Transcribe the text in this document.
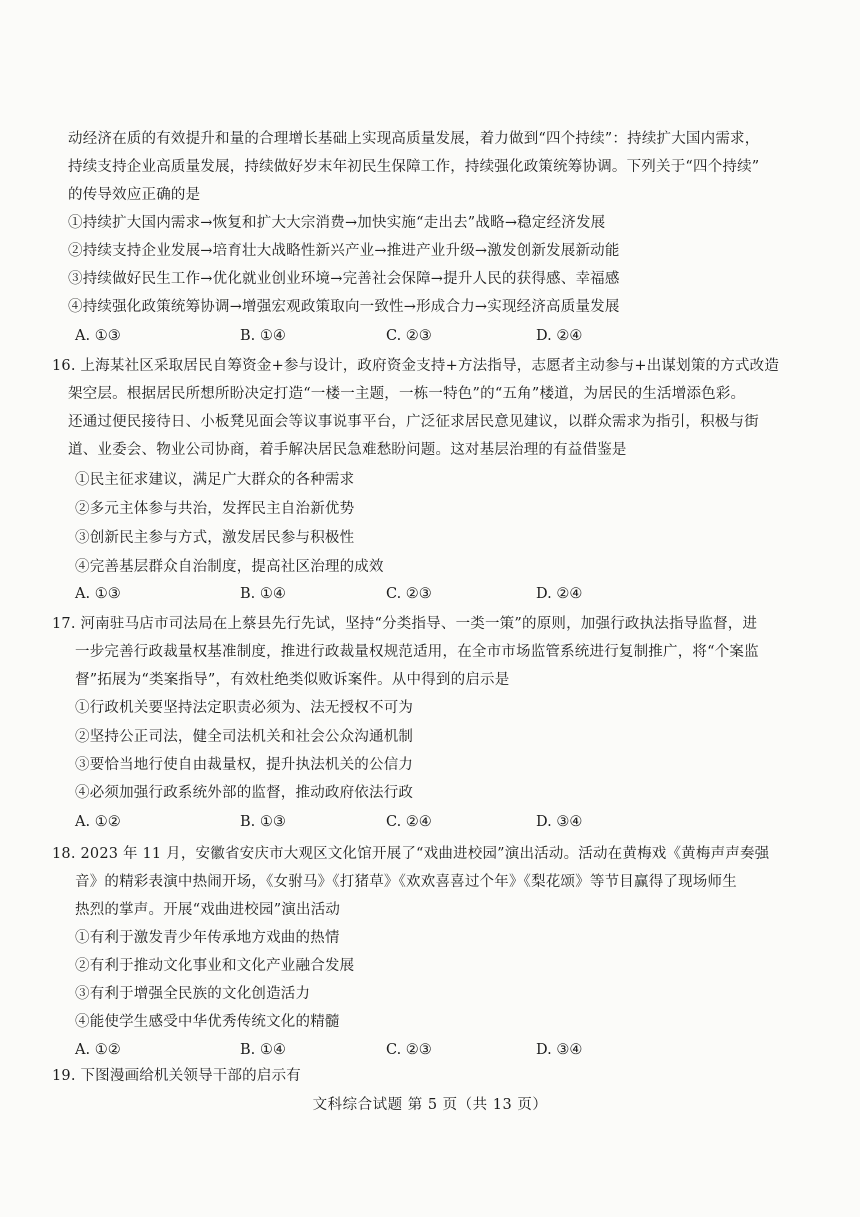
动经济在质的有效提升和量的合理增长基础上实现高质量发展，着力做到“四个持续”：持续扩大国内需求，
持续支持企业高质量发展，持续做好岁末年初民生保障工作，持续强化政策统筹协调。下列关于“四个持续”
的传导效应正确的是
①持续扩大国内需求→恢复和扩大大宗消费→加快实施“走出去”战略→稳定经济发展
②持续支持企业发展→培育壮大战略性新兴产业→推进产业升级→激发创新发展新动能
③持续做好民生工作→优化就业创业环境→完善社会保障→提升人民的获得感、幸福感
④持续强化政策统筹协调→增强宏观政策取向一致性→形成合力→实现经济高质量发展
A. ①③	B. ①④	C. ②③	D. ②④
16. 上海某社区采取居民自筹资金+参与设计，政府资金支持+方法指导，志愿者主动参与+出谋划策的方式改造
架空层。根据居民所想所盼决定打造“一楼一主题，一栋一特色”的“五角”楼道，为居民的生活增添色彩。
还通过便民接待日、小板凳见面会等议事说事平台，广泛征求居民意见建议，以群众需求为指引，积极与街
道、业委会、物业公司协商，着手解决居民急难愁盼问题。这对基层治理的有益借鉴是
①民主征求建议，满足广大群众的各种需求
②多元主体参与共治，发挥民主自治新优势
③创新民主参与方式，激发居民参与积极性
④完善基层群众自治制度，提高社区治理的成效
A. ①③	B. ①④	C. ②③	D. ②④
17. 河南驻马店市司法局在上蔡县先行先试，坚持“分类指导、一类一策”的原则，加强行政执法指导监督，进
一步完善行政裁量权基准制度，推进行政裁量权规范适用，在全市市场监管系统进行复制推广，将“个案监
督”拓展为“类案指导”，有效杜绝类似败诉案件。从中得到的启示是
①行政机关要坚持法定职责必须为、法无授权不可为
②坚持公正司法，健全司法机关和社会公众沟通机制
③要恰当地行使自由裁量权，提升执法机关的公信力
④必须加强行政系统外部的监督，推动政府依法行政
A. ①②	B. ①③	C. ②④	D. ③④
18. 2023 年 11 月，安徽省安庆市大观区文化馆开展了“戏曲进校园”演出活动。活动在黄梅戏《黄梅声声奏强
音》的精彩表演中热闹开场，《女驸马》《打猪草》《欢欢喜喜过个年》《梨花颂》等节目赢得了现场师生
热烈的掌声。开展“戏曲进校园”演出活动
①有利于激发青少年传承地方戏曲的热情
②有利于推动文化事业和文化产业融合发展
③有利于增强全民族的文化创造活力
④能使学生感受中华优秀传统文化的精髓
A. ①②	B. ①④	C. ②③	D. ③④
19. 下图漫画给机关领导干部的启示有
文科综合试题 第 5 页（共 13 页）
